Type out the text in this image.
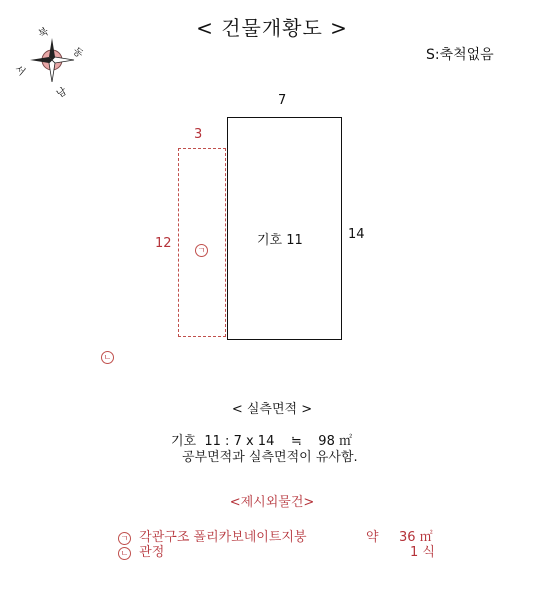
< 건물개황도 >
북
동
남
서
S:축척없음
7
기호 11	14
3
12	ㄱ
ㄴ
< 실측면적 >
기호  11 : 7 x 14    ≒    98 ㎡
공부면적과 실측면적이 유사함.
<제시외물건>
ㄱ 각관구조 폴리카보네이트지붕	약 36 ㎡
ㄴ 관정	1 식
